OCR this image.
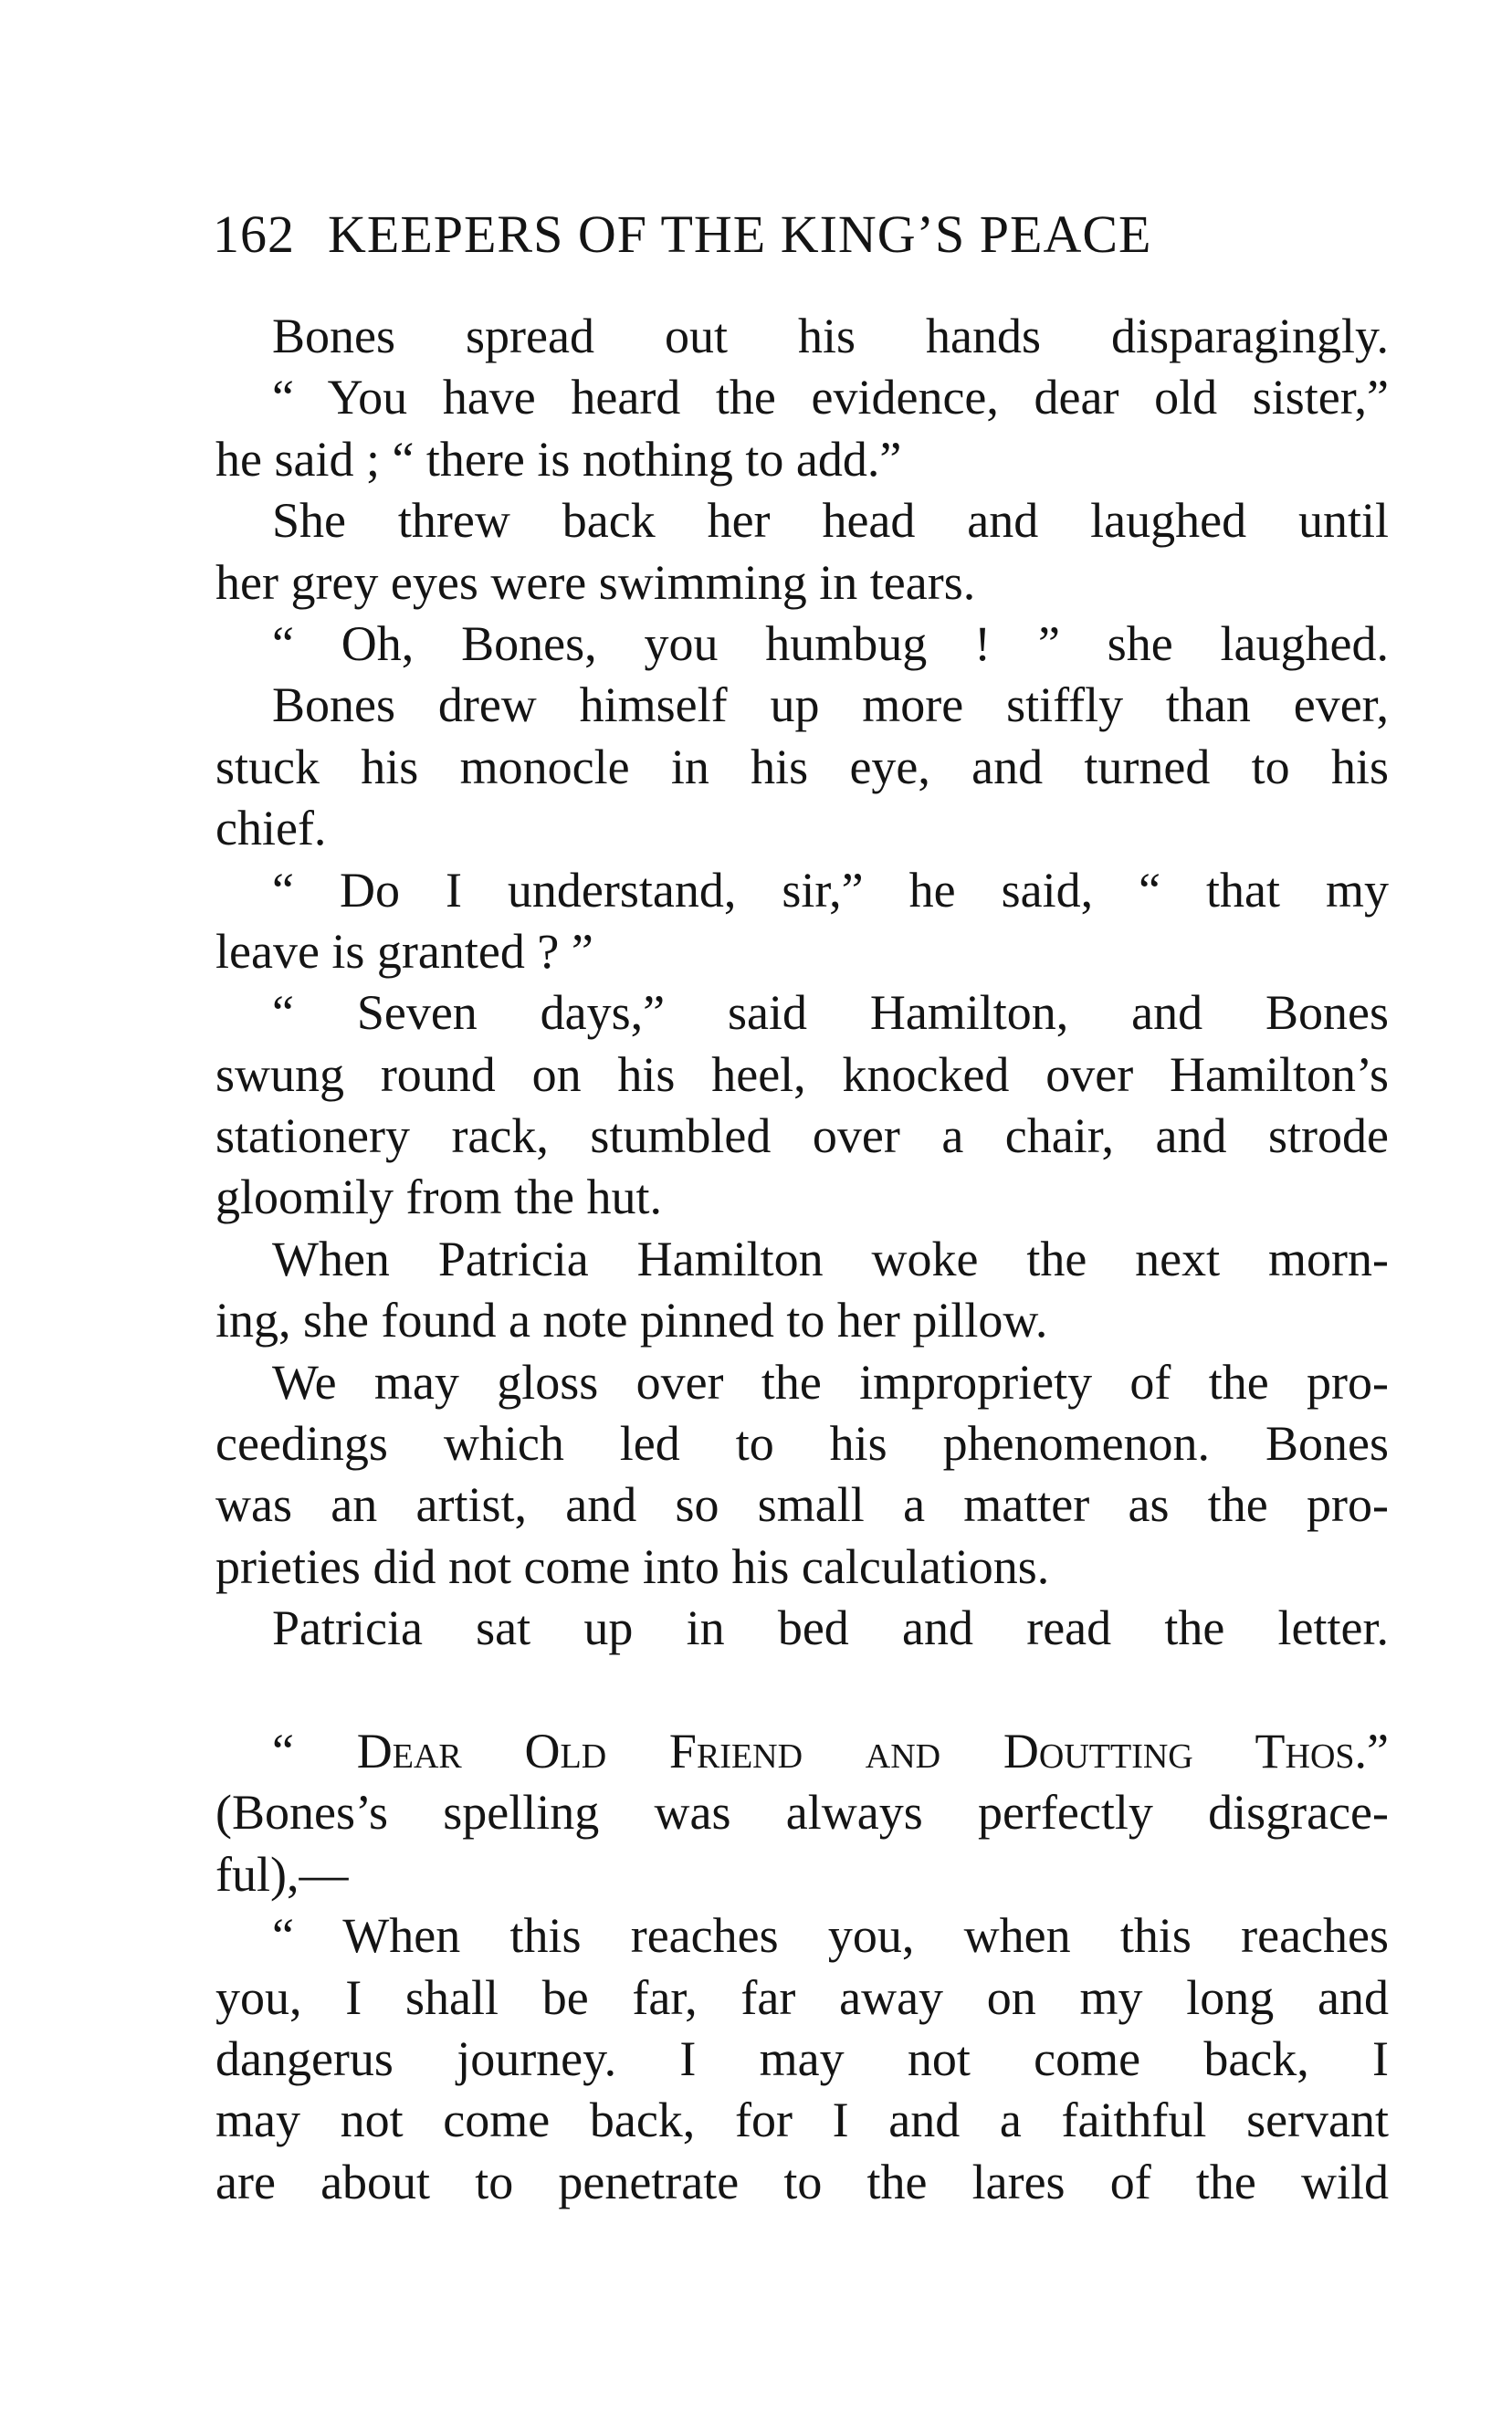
162 KEEPERS OF THE KING’S PEACE
Bones spread out his hands disparagingly.
“ You have heard the evidence, dear old sister,”
he said ; “ there is nothing to add.”
She threw back her head and laughed until
her grey eyes were swimming in tears.
“ Oh, Bones, you humbug ! ” she laughed.
Bones drew himself up more stiffly than ever,
stuck his monocle in his eye, and turned to his
chief.
“ Do I understand, sir,” he said, “ that my
leave is granted ? ”
“ Seven days,” said Hamilton, and Bones
swung round on his heel, knocked over Hamilton’s
stationery rack, stumbled over a chair, and strode
gloomily from the hut.
When Patricia Hamilton woke the next morn-
ing, she found a note pinned to her pillow.
We may gloss over the impropriety of the pro-
ceedings which led to his phenomenon. Bones
was an artist, and so small a matter as the pro-
prieties did not come into his calculations.
Patricia sat up in bed and read the letter.
“ Dear Old Friend and Doutting Thos.”
(Bones’s spelling was always perfectly disgrace-
ful),—
“ When this reaches you, when this reaches
you, I shall be far, far away on my long and
dangerus journey. I may not come back, I
may not come back, for I and a faithful servant
are about to penetrate to the lares of the wild
